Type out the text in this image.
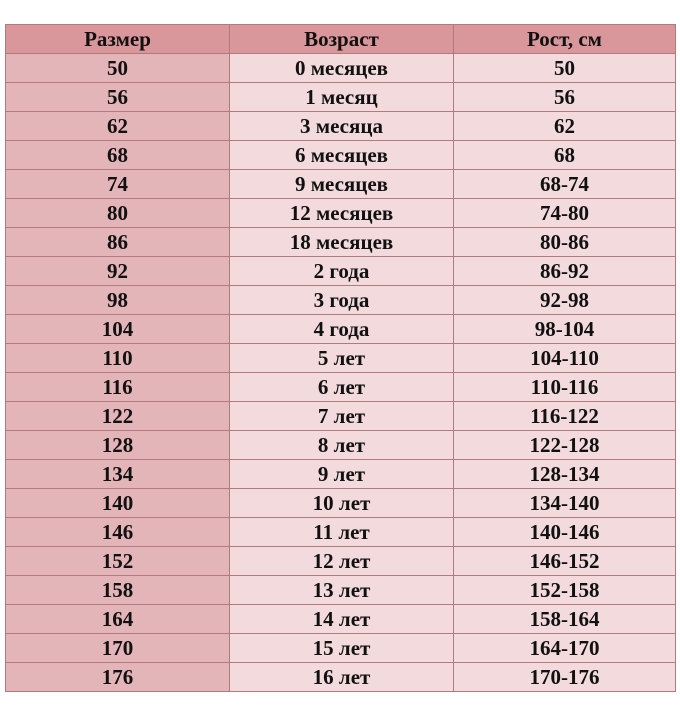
Размер	Возраст	Рост, см
50	0 месяцев	50
56	1 месяц	56
62	3 месяца	62
68	6 месяцев	68
74	9 месяцев	68-74
80	12 месяцев	74-80
86	18 месяцев	80-86
92	2 года	86-92
98	3 года	92-98
104	4 года	98-104
110	5 лет	104-110
116	6 лет	110-116
122	7 лет	116-122
128	8 лет	122-128
134	9 лет	128-134
140	10 лет	134-140
146	11 лет	140-146
152	12 лет	146-152
158	13 лет	152-158
164	14 лет	158-164
170	15 лет	164-170
176	16 лет	170-176
